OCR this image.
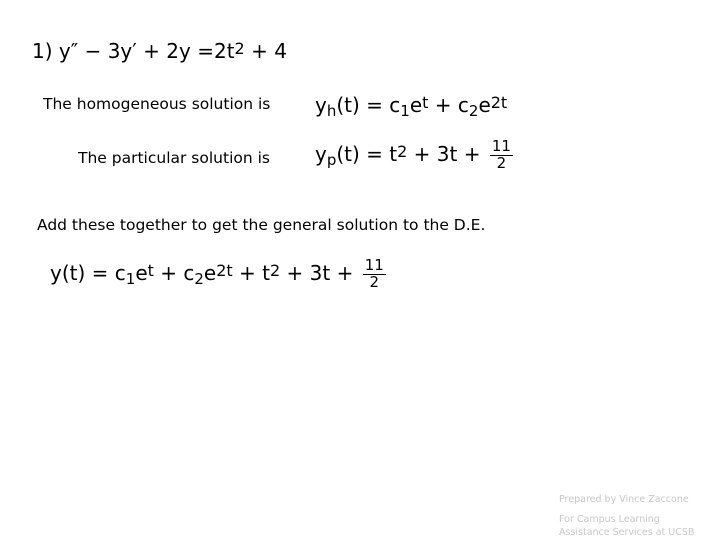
1) $y'' - 3y' + 2y =2t^2 + 4$
The homogeneous solution is $y_h(t) = c_1e^t + c_2e^{2t}$
The particular solution is $y_p(t) = t^2 + 3t + \frac{11}{2}$
Add these together to get the general solution to the D.E.
$y(t) = c_1e^t + c_2e^{2t} + t^2 + 3t + \frac{11}{2}$
Prepared by Vince Zaccone
For Campus Learning
Assistance Services at UCSB
